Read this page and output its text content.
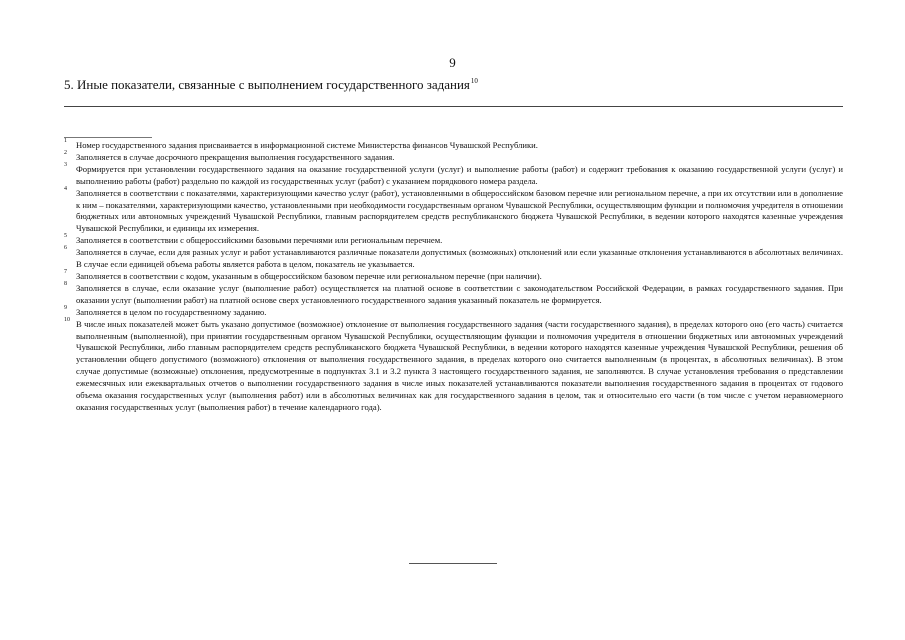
9
5. Иные показатели, связанные с выполнением государственного задания$^{10}$
1 Номер государственного задания присваивается в информационной системе Министерства финансов Чувашской Республики.
2 Заполняется в случае досрочного прекращения выполнения государственного задания.
3 Формируется при установлении государственного задания на оказание государственной услуги (услуг) и выполнение работы (работ) и содержит требования к оказанию государственной услуги (услуг) и выполнению работы (работ) раздельно по каждой из государственных услуг (работ) с указанием порядкового номера раздела.
4 Заполняется в соответствии с показателями, характеризующими качество услуг (работ), установленными в общероссийском базовом перечне или региональном перечне, а при их отсутствии или в дополнение к ним – показателями, характеризующими качество, установленными при необходимости государственным органом Чувашской Республики, осуществляющим функции и полномочия учредителя в отношении бюджетных или автономных учреждений Чувашской Республики, главным распорядителем средств республиканского бюджета Чувашской Республики, в ведении которого находятся казенные учреждения Чувашской Республики, и единицы их измерения.
5 Заполняется в соответствии с общероссийскими базовыми перечнями или региональным перечнем.
6 Заполняется в случае, если для разных услуг и работ устанавливаются различные показатели допустимых (возможных) отклонений или если указанные отклонения устанавливаются в абсолютных величинах. В случае если единицей объема работы является работа в целом, показатель не указывается.
7 Заполняется в соответствии с кодом, указанным в общероссийском базовом перечне или региональном перечне (при наличии).
8 Заполняется в случае, если оказание услуг (выполнение работ) осуществляется на платной основе в соответствии с законодательством Российской Федерации, в рамках государственного задания. При оказании услуг (выполнении работ) на платной основе сверх установленного государственного задания указанный показатель не формируется.
9 Заполняется в целом по государственному заданию.
10 В числе иных показателей может быть указано допустимое (возможное) отклонение от выполнения государственного задания (части государственного задания), в пределах которого оно (его часть) считается выполненным (выполненной), при принятии государственным органом Чувашской Республики, осуществляющим функции и полномочия учредителя в отношении бюджетных или автономных учреждений Чувашской Республики, либо главным распорядителем средств республиканского бюджета Чувашской Республики, в ведении которого находятся казенные учреждения Чувашской Республики, решения об установлении общего допустимого (возможного) отклонения от выполнения государственного задания, в пределах которого оно считается выполненным (в процентах, в абсолютных величинах). В этом случае допустимые (возможные) отклонения, предусмотренные в подпунктах 3.1 и 3.2 пункта 3 настоящего государственного задания, не заполняются. В случае установления требования о представлении ежемесячных или ежеквартальных отчетов о выполнении государственного задания в числе иных показателей устанавливаются показатели выполнения государственного задания в процентах от годового объема оказания государственных услуг (выполнения работ) или в абсолютных величинах как для государственного задания в целом, так и относительно его части (в том числе с учетом неравномерного оказания государственных услуг (выполнения работ) в течение календарного года).
